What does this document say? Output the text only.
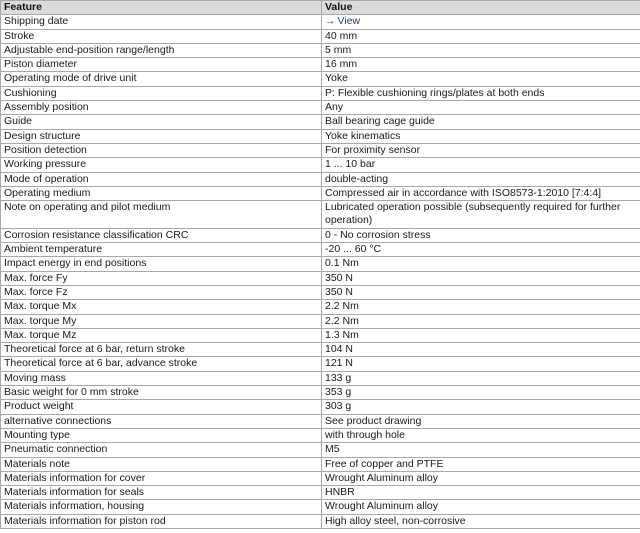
Feature	Value
Shipping date	→ View
Stroke	40 mm
Adjustable end-position range/length	5 mm
Piston diameter	16 mm
Operating mode of drive unit	Yoke
Cushioning	P: Flexible cushioning rings/plates at both ends
Assembly position	Any
Guide	Ball bearing cage guide
Design structure	Yoke kinematics
Position detection	For proximity sensor
Working pressure	1 ... 10 bar
Mode of operation	double-acting
Operating medium	Compressed air in accordance with ISO8573-1:2010 [7:4:4]
Note on operating and pilot medium	Lubricated operation possible (subsequently required for further operation)
Corrosion resistance classification CRC	0 - No corrosion stress
Ambient temperature	-20 ... 60 °C
Impact energy in end positions	0.1 Nm
Max. force Fy	350 N
Max. force Fz	350 N
Max. torque Mx	2.2 Nm
Max. torque My	2.2 Nm
Max. torque Mz	1.3 Nm
Theoretical force at 6 bar, return stroke	104 N
Theoretical force at 6 bar, advance stroke	121 N
Moving mass	133 g
Basic weight for 0 mm stroke	353 g
Product weight	303 g
alternative connections	See product drawing
Mounting type	with through hole
Pneumatic connection	M5
Materials note	Free of copper and PTFE
Materials information for cover	Wrought Aluminum alloy
Materials information for seals	HNBR
Materials information, housing	Wrought Aluminum alloy
Materials information for piston rod	High alloy steel, non-corrosive
